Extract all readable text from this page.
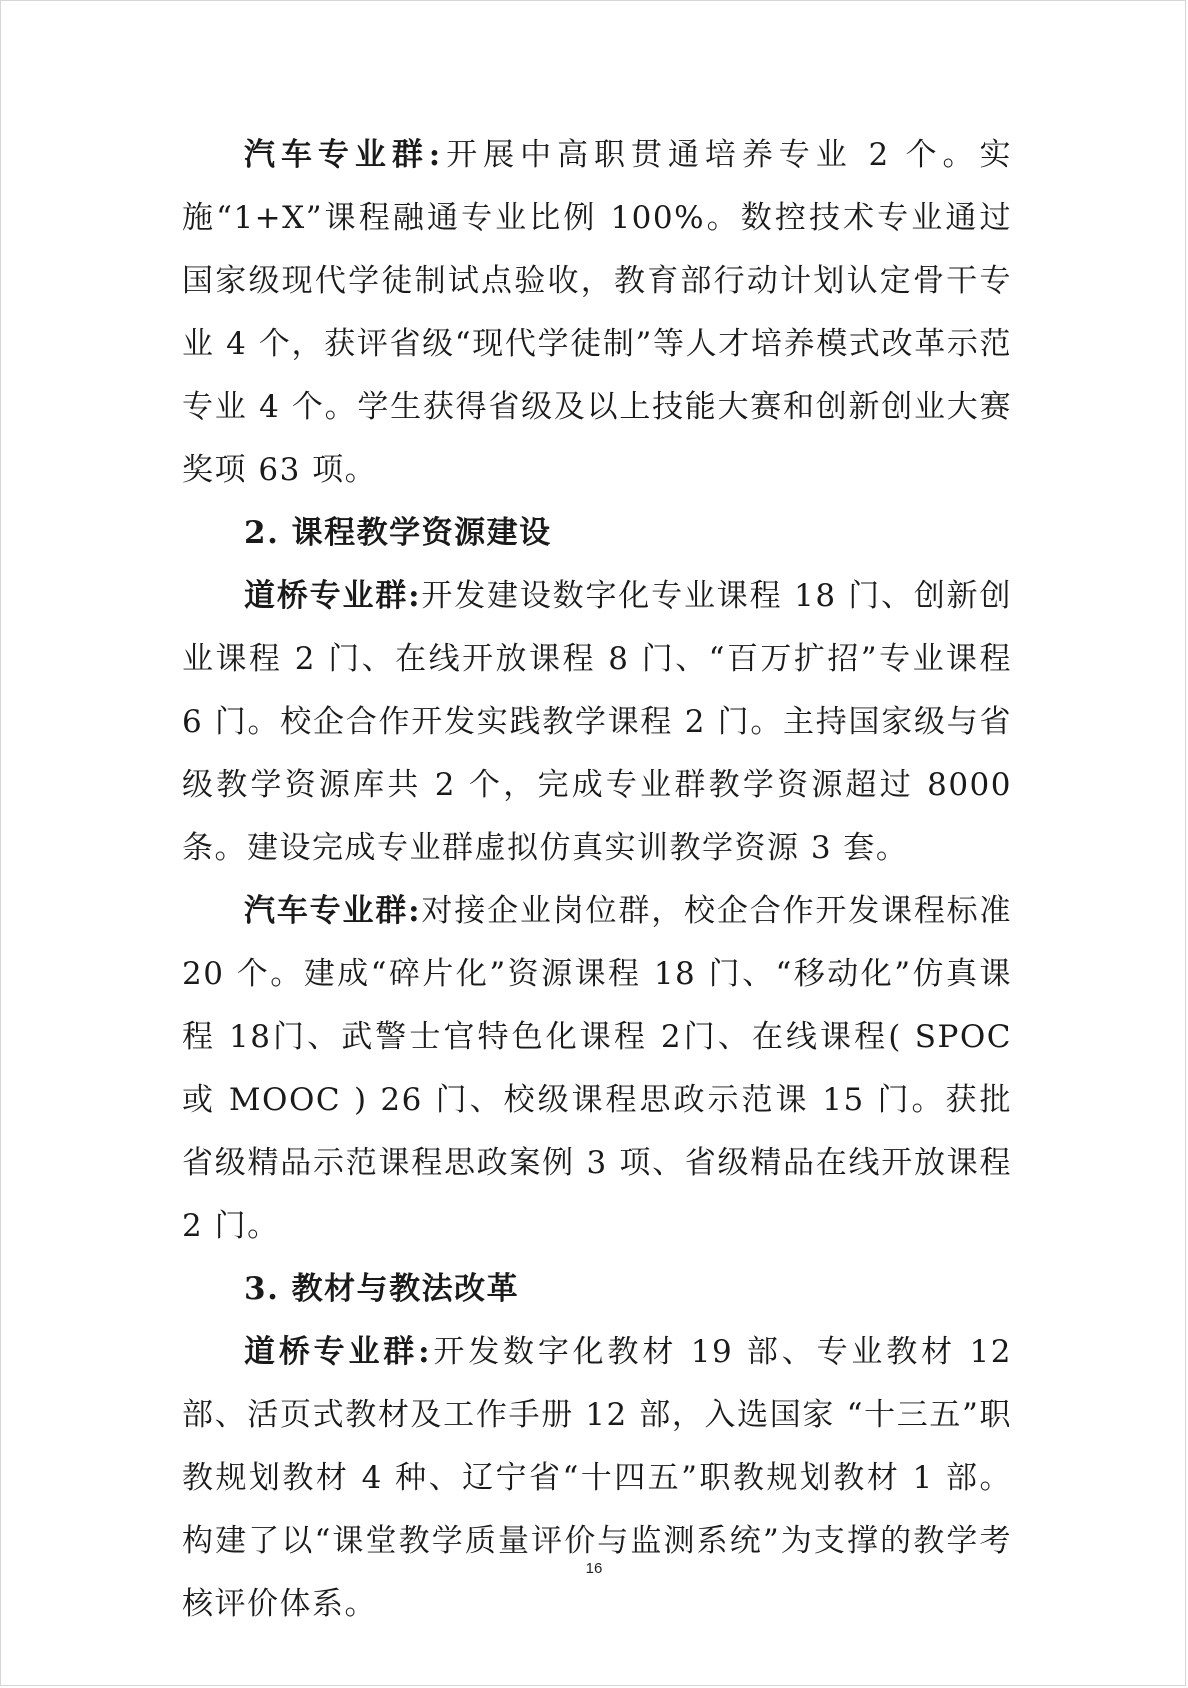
汽车专业群:开展中高职贯通培养专业 2 个。实施“1+X”课程融通专业比例 100%。数控技术专业通过国家级现代学徒制试点验收，教育部行动计划认定骨干专业 4 个，获评省级“现代学徒制”等人才培养模式改革示范专业 4 个。学生获得省级及以上技能大赛和创新创业大赛奖项 63 项。

2. 课程教学资源建设

道桥专业群:开发建设数字化专业课程 18 门、创新创业课程 2 门、在线开放课程 8 门、“百万扩招”专业课程 6 门。校企合作开发实践教学课程 2 门。主持国家级与省级教学资源库共 2 个，完成专业群教学资源超过 8000 条。建设完成专业群虚拟仿真实训教学资源 3 套。

汽车专业群:对接企业岗位群，校企合作开发课程标准 20 个。建成“碎片化”资源课程 18 门、“移动化”仿真课程 18门、武警士官特色化课程 2门、在线课程( SPOC 或 MOOC ) 26 门、校级课程思政示范课 15 门。获批省级精品示范课程思政案例 3 项、省级精品在线开放课程 2 门。

3. 教材与教法改革

道桥专业群:开发数字化教材 19 部、专业教材 12 部、活页式教材及工作手册 12 部，入选国家 “十三五”职教规划教材 4 种、辽宁省“十四五”职教规划教材 1 部。构建了以“课堂教学质量评价与监测系统”为支撑的教学考核评价体系。

16
